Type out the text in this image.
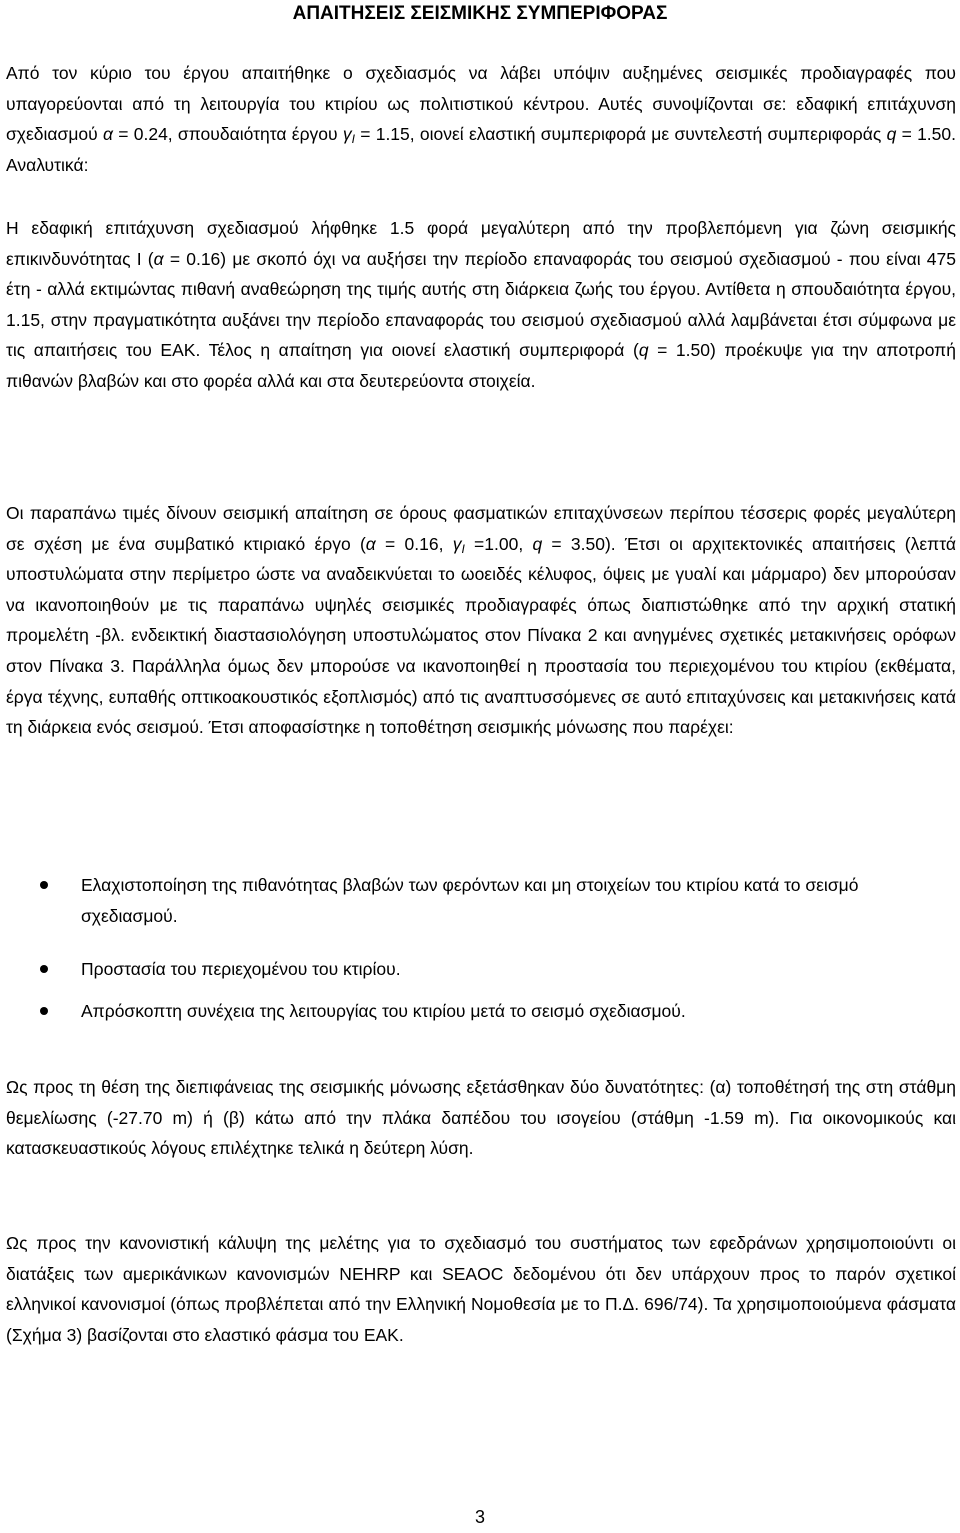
ΑΠΑΙΤΗΣΕΙΣ ΣΕΙΣΜΙΚΗΣ ΣΥΜΠΕΡΙΦΟΡΑΣ

Από τον κύριο του έργου απαιτήθηκε ο σχεδιασμός να λάβει υπόψιν αυξημένες σεισμικές προδιαγραφές που υπαγορεύονται από τη λειτουργία του κτιρίου ως πολιτιστικού κέντρου. Αυτές συνοψίζονται σε: εδαφική επιτάχυνση σχεδιασμού α = 0.24, σπουδαιότητα έργου $\gamma_I = 1.15$, οιονεί ελαστική συμπεριφορά με συντελεστή συμπεριφοράς q = 1.50. Αναλυτικά:

Η εδαφική επιτάχυνση σχεδιασμού λήφθηκε 1.5 φορά μεγαλύτερη από την προβλεπόμενη για ζώνη σεισμικής επικινδυνότητας Ι (α = 0.16) με σκοπό όχι να αυξήσει την περίοδο επαναφοράς του σεισμού σχεδιασμού - που είναι 475 έτη - αλλά εκτιμώντας πιθανή αναθεώρηση της τιμής αυτής στη διάρκεια ζωής του έργου. Αντίθετα η σπουδαιότητα έργου, 1.15, στην πραγματικότητα αυξάνει την περίοδο επαναφοράς του σεισμού σχεδιασμού αλλά λαμβάνεται έτσι σύμφωνα με τις απαιτήσεις του ΕΑΚ. Τέλος η απαίτηση για οιονεί ελαστική συμπεριφορά (q = 1.50) προέκυψε για την αποτροπή πιθανών βλαβών και στο φορέα αλλά και στα δευτερεύοντα στοιχεία.

Οι παραπάνω τιμές δίνουν σεισμική απαίτηση σε όρους φασματικών επιταχύνσεων περίπου τέσσερις φορές μεγαλύτερη σε σχέση με ένα συμβατικό κτιριακό έργο (α = 0.16, $\gamma_I =1.00$, q = 3.50). Έτσι οι αρχιτεκτονικές απαιτήσεις (λεπτά υποστυλώματα στην περίμετρο ώστε να αναδεικνύεται το ωοειδές κέλυφος, όψεις με γυαλί και μάρμαρο) δεν μπορούσαν να ικανοποιηθούν με τις παραπάνω υψηλές σεισμικές προδιαγραφές όπως διαπιστώθηκε από την αρχική στατική προμελέτη -βλ. ενδεικτική διαστασιολόγηση υποστυλώματος στον Πίνακα 2 και ανηγμένες σχετικές μετακινήσεις ορόφων στον Πίνακα 3. Παράλληλα όμως δεν μπορούσε να ικανοποιηθεί η προστασία του περιεχομένου του κτιρίου (εκθέματα, έργα τέχνης, ευπαθής οπτικοακουστικός εξοπλισμός) από τις αναπτυσσόμενες σε αυτό επιταχύνσεις και μετακινήσεις κατά τη διάρκεια ενός σεισμού. Έτσι αποφασίστηκε η τοποθέτηση σεισμικής μόνωσης που παρέχει:

Ελαχιστοποίηση της πιθανότητας βλαβών των φερόντων και μη στοιχείων του κτιρίου κατά το σεισμό σχεδιασμού.
Προστασία του περιεχομένου του κτιρίου.
Απρόσκοπτη συνέχεια της λειτουργίας του κτιρίου μετά το σεισμό σχεδιασμού.

Ως προς τη θέση της διεπιφάνειας της σεισμικής μόνωσης εξετάσθηκαν δύο δυνατότητες: (α) τοποθέτησή της στη στάθμη θεμελίωσης (-27.70 m) ή (β) κάτω από την πλάκα δαπέδου του ισογείου (στάθμη -1.59 m). Για οικονομικούς και κατασκευαστικούς λόγους επιλέχτηκε τελικά η δεύτερη λύση.

Ως προς την κανονιστική κάλυψη της μελέτης για το σχεδιασμό του συστήματος των εφεδράνων χρησιμοποιούντι οι διατάξεις των αμερικάνικων κανονισμών NEHRP και SEAOC δεδομένου ότι δεν υπάρχουν προς το παρόν σχετικοί ελληνικοί κανονισμοί (όπως προβλέπεται από την Ελληνική Νομοθεσία με το Π.Δ. 696/74). Τα χρησιμοποιούμενα φάσματα (Σχήμα 3) βασίζονται στο ελαστικό φάσμα του ΕΑΚ.

3
